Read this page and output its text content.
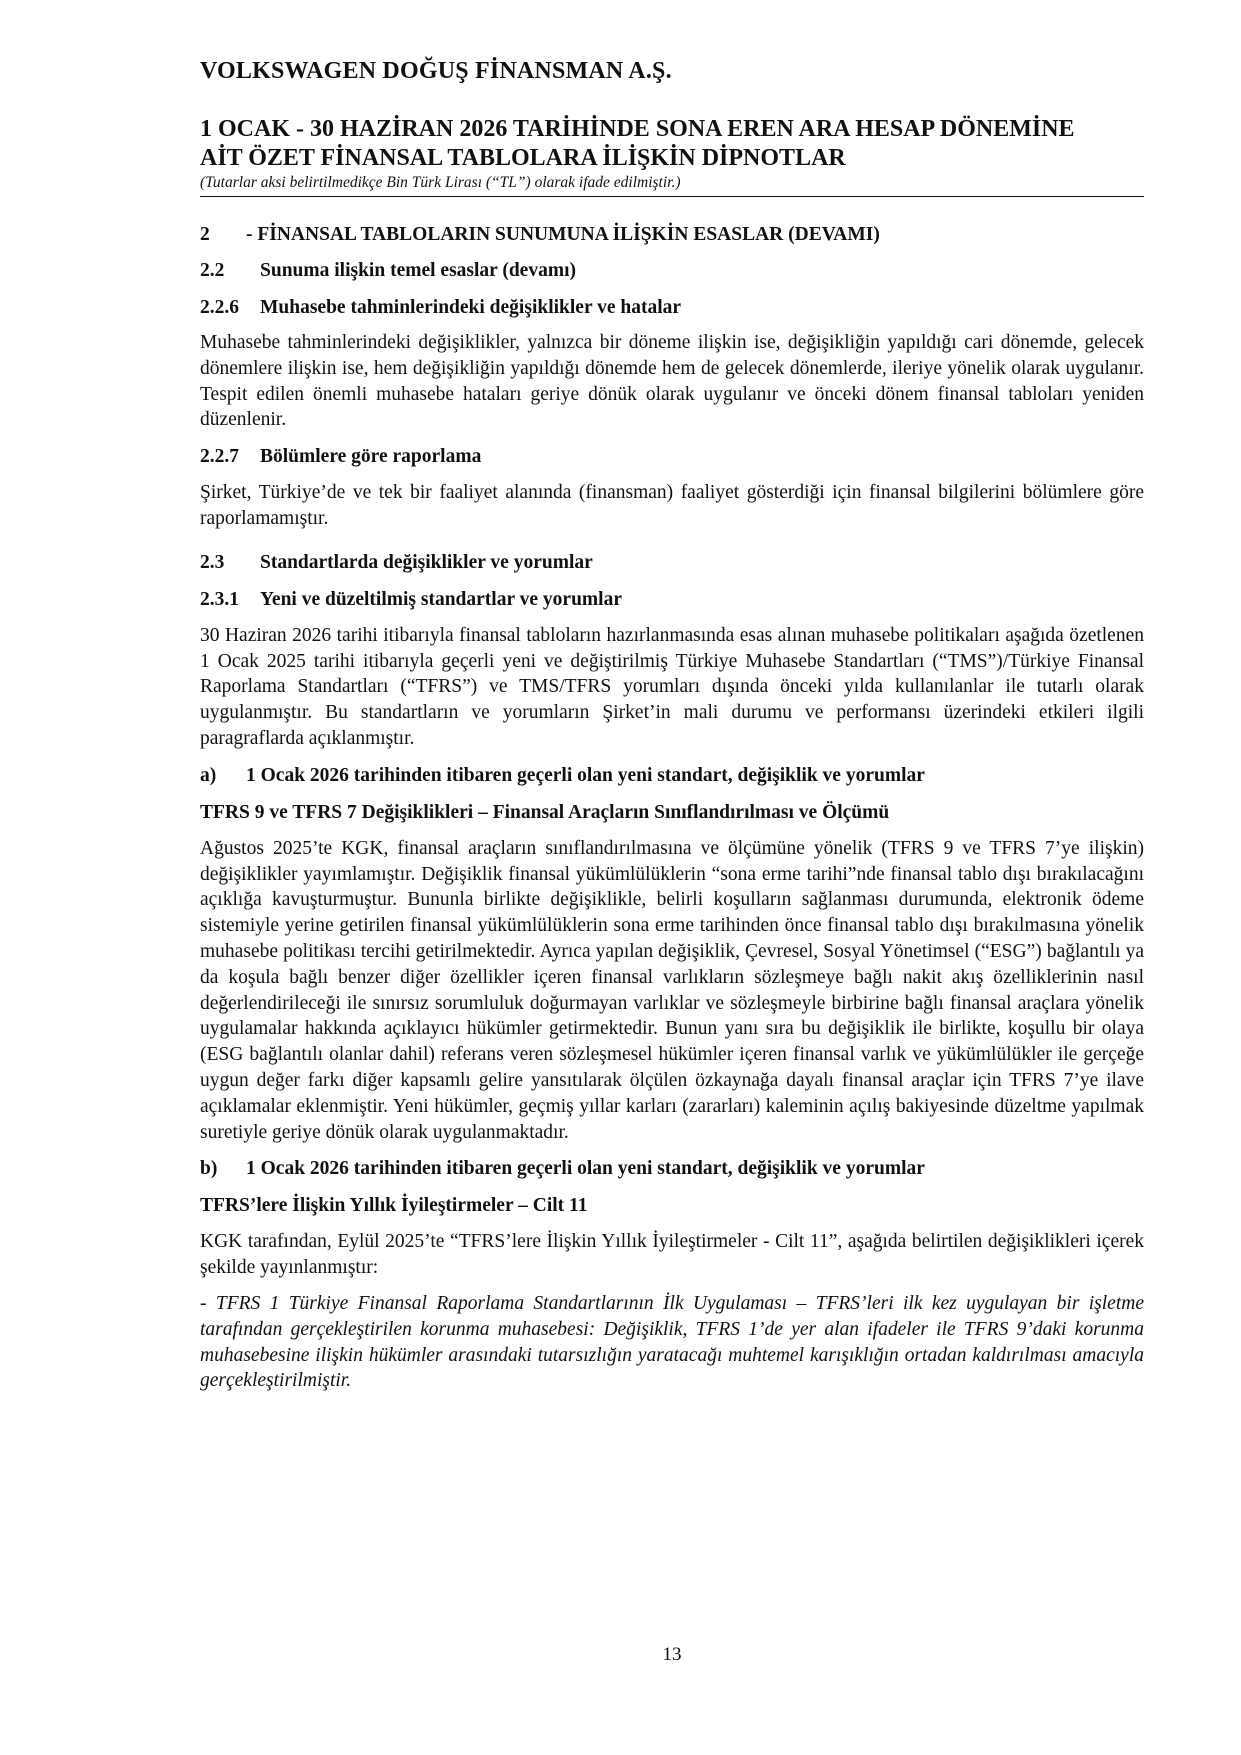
VOLKSWAGEN DOĞUŞ FİNANSMAN A.Ş.
1 OCAK - 30 HAZİRAN 2026 TARİHİNDE SONA EREN ARA HESAP DÖNEMİNE
AİT ÖZET FİNANSAL TABLOLARA İLİŞKİN DİPNOTLAR
(Tutarlar aksi belirtilmedikçe Bin Türk Lirası (“TL”) olarak ifade edilmiştir.)

2 - FİNANSAL TABLOLARIN SUNUMUNA İLİŞKİN ESASLAR (DEVAMI)

2.2 Sunuma ilişkin temel esaslar (devamı)

2.2.6 Muhasebe tahminlerindeki değişiklikler ve hatalar

Muhasebe tahminlerindeki değişiklikler, yalnızca bir döneme ilişkin ise, değişikliğin yapıldığı cari dönemde, gelecek dönemlere ilişkin ise, hem değişikliğin yapıldığı dönemde hem de gelecek dönemlerde, ileriye yönelik olarak uygulanır. Tespit edilen önemli muhasebe hataları geriye dönük olarak uygulanır ve önceki dönem finansal tabloları yeniden düzenlenir.

2.2.7 Bölümlere göre raporlama

Şirket, Türkiye’de ve tek bir faaliyet alanında (finansman) faaliyet gösterdiği için finansal bilgilerini bölümlere göre raporlamamıştır.

2.3 Standartlarda değişiklikler ve yorumlar

2.3.1 Yeni ve düzeltilmiş standartlar ve yorumlar

30 Haziran 2026 tarihi itibarıyla finansal tabloların hazırlanmasında esas alınan muhasebe politikaları aşağıda özetlenen 1 Ocak 2025 tarihi itibarıyla geçerli yeni ve değiştirilmiş Türkiye Muhasebe Standartları (“TMS”)/Türkiye Finansal Raporlama Standartları (“TFRS”) ve TMS/TFRS yorumları dışında önceki yılda kullanılanlar ile tutarlı olarak uygulanmıştır. Bu standartların ve yorumların Şirket’in mali durumu ve performansı üzerindeki etkileri ilgili paragraflarda açıklanmıştır.

a) 1 Ocak 2026 tarihinden itibaren geçerli olan yeni standart, değişiklik ve yorumlar

TFRS 9 ve TFRS 7 Değişiklikleri – Finansal Araçların Sınıflandırılması ve Ölçümü

Ağustos 2025’te KGK, finansal araçların sınıflandırılmasına ve ölçümüne yönelik (TFRS 9 ve TFRS 7’ye ilişkin) değişiklikler yayımlamıştır. Değişiklik finansal yükümlülüklerin “sona erme tarihi”nde finansal tablo dışı bırakılacağını açıklığa kavuşturmuştur. Bununla birlikte değişiklikle, belirli koşulların sağlanması durumunda, elektronik ödeme sistemiyle yerine getirilen finansal yükümlülüklerin sona erme tarihinden önce finansal tablo dışı bırakılmasına yönelik muhasebe politikası tercihi getirilmektedir. Ayrıca yapılan değişiklik, Çevresel, Sosyal Yönetimsel (“ESG”) bağlantılı ya da koşula bağlı benzer diğer özellikler içeren finansal varlıkların sözleşmeye bağlı nakit akış özelliklerinin nasıl değerlendirileceği ile sınırsız sorumluluk doğurmayan varlıklar ve sözleşmeyle birbirine bağlı finansal araçlara yönelik uygulamalar hakkında açıklayıcı hükümler getirmektedir. Bunun yanı sıra bu değişiklik ile birlikte, koşullu bir olaya (ESG bağlantılı olanlar dahil) referans veren sözleşmesel hükümler içeren finansal varlık ve yükümlülükler ile gerçeğe uygun değer farkı diğer kapsamlı gelire yansıtılarak ölçülen özkaynağa dayalı finansal araçlar için TFRS 7’ye ilave açıklamalar eklenmiştir. Yeni hükümler, geçmiş yıllar karları (zararları) kaleminin açılış bakiyesinde düzeltme yapılmak suretiyle geriye dönük olarak uygulanmaktadır.

b) 1 Ocak 2026 tarihinden itibaren geçerli olan yeni standart, değişiklik ve yorumlar

TFRS’lere İlişkin Yıllık İyileştirmeler – Cilt 11

KGK tarafından, Eylül 2025’te “TFRS’lere İlişkin Yıllık İyileştirmeler - Cilt 11”, aşağıda belirtilen değişiklikleri içerek şekilde yayınlanmıştır:

- TFRS 1 Türkiye Finansal Raporlama Standartlarının İlk Uygulaması – TFRS’leri ilk kez uygulayan bir işletme tarafından gerçekleştirilen korunma muhasebesi: Değişiklik, TFRS 1’de yer alan ifadeler ile TFRS 9’daki korunma muhasebesine ilişkin hükümler arasındaki tutarsızlığın yaratacağı muhtemel karışıklığın ortadan kaldırılması amacıyla gerçekleştirilmiştir.

13
